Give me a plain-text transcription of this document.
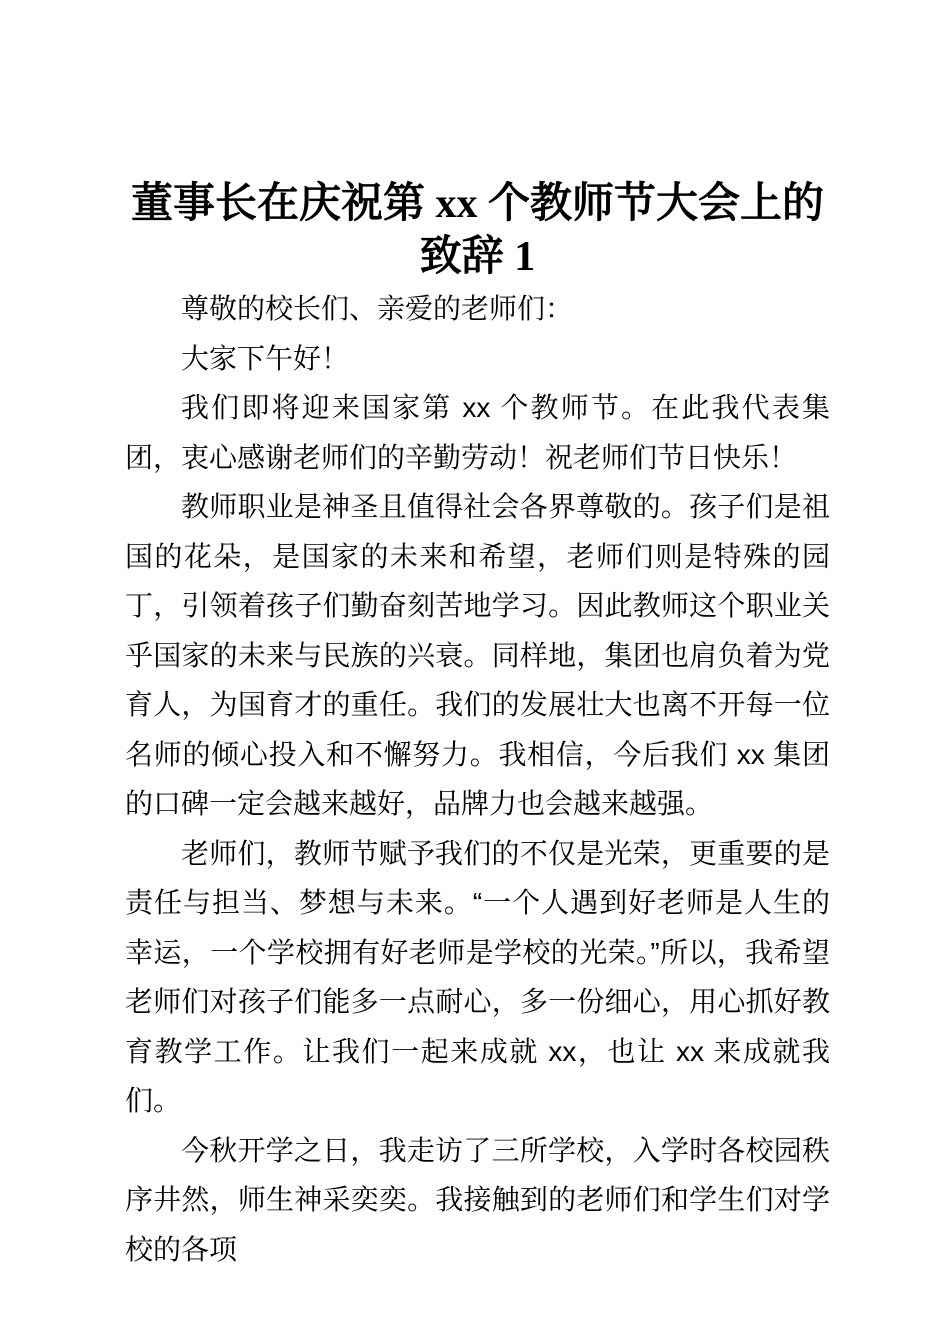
董事长在庆祝第 xx 个教师节大会上的致辞 1

尊敬的校长们、亲爱的老师们：

大家下午好！

我们即将迎来国家第 xx 个教师节。在此我代表集团，衷心感谢老师们的辛勤劳动！祝老师们节日快乐！

教师职业是神圣且值得社会各界尊敬的。孩子们是祖国的花朵，是国家的未来和希望，老师们则是特殊的园丁，引领着孩子们勤奋刻苦地学习。因此教师这个职业关乎国家的未来与民族的兴衰。同样地，集团也肩负着为党育人，为国育才的重任。我们的发展壮大也离不开每一位名师的倾心投入和不懈努力。我相信，今后我们 xx 集团的口碑一定会越来越好，品牌力也会越来越强。

老师们，教师节赋予我们的不仅是光荣，更重要的是责任与担当、梦想与未来。“一个人遇到好老师是人生的幸运，一个学校拥有好老师是学校的光荣。”所以，我希望老师们对孩子们能多一点耐心，多一份细心，用心抓好教育教学工作。让我们一起来成就 xx，也让 xx 来成就我们。

今秋开学之日，我走访了三所学校，入学时各校园秩序井然，师生神采奕奕。我接触到的老师们和学生们对学校的各项
